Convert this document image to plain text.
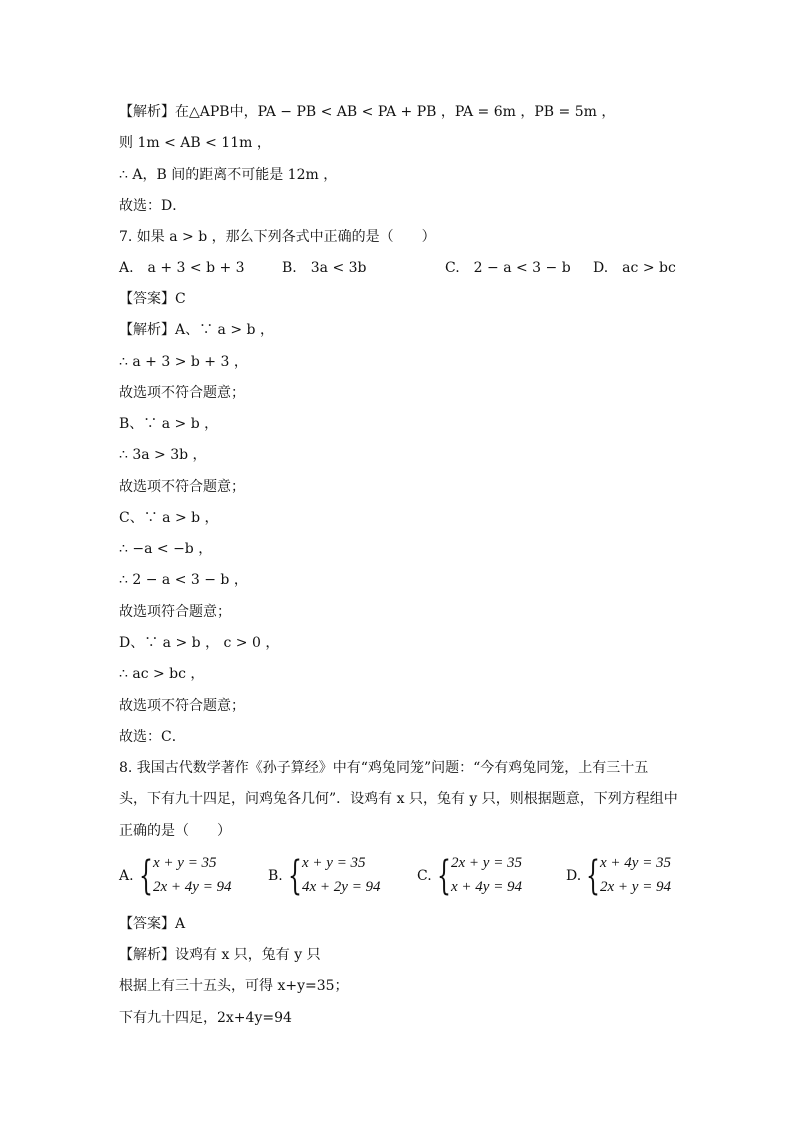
【解析】在△APB中，PA − PB < AB < PA + PB ，PA = 6m ，PB = 5m ，
则 1m < AB < 11m ，
∴ A，B 间的距离不可能是 12m ，
故选：D．
7. 如果 a > b ，那么下列各式中正确的是（　　）
A.　a + 3 < b + 3	B.　3a < 3b	C.　2 − a < 3 − b D.　ac > bc
【答案】C
【解析】A、∵ a > b ，
∴ a + 3 > b + 3 ，
故选项不符合题意；
B、∵ a > b ，
∴ 3a > 3b ，
故选项不符合题意；
C、∵ a > b ，
∴ −a < −b ，
∴ 2 − a < 3 − b ，
故选项符合题意；
D、∵ a > b ， c > 0 ，
∴ ac > bc ，
故选项不符合题意；
故选：C．
8. 我国古代数学著作《孙子算经》中有“鸡兔同笼”问题：“今有鸡兔同笼，上有三十五
头，下有九十四足，问鸡兔各几何”．设鸡有 x 只，兔有 y 只，则根据题意，下列方程组中
正确的是（　　）
A. { x + y = 35
2x + 4y = 94
B. { x + y = 35
4x + 2y = 94
C. { 2x + y = 35
x + 4y = 94
D. { x + 4y = 35
2x + y = 94
【答案】A
【解析】设鸡有 x 只，兔有 y 只
根据上有三十五头，可得 x+y=35；
下有九十四足，2x+4y=94
